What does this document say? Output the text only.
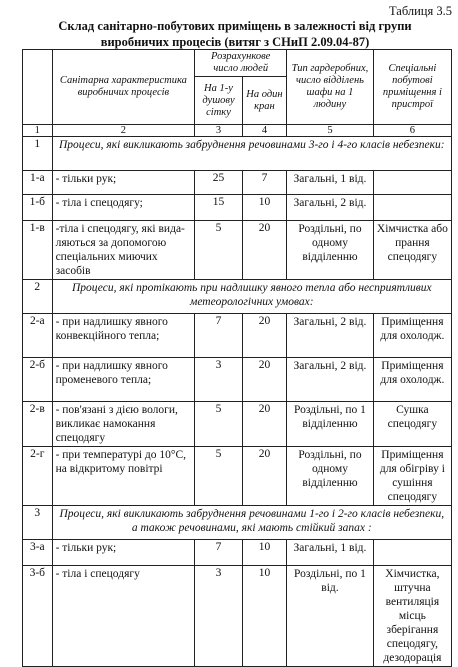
Таблиця 3.5
Склад санітарно-побутових приміщень в залежності від групи
виробничих процесів (витяг з СНиП 2.09.04-87)
	Санітарна характеристика виробничих процесів	Розрахункове число людей		Тип гардеробних, число відділень шафи на 1 людину	Спеціальні побутові приміщення і пристрої
		На 1-у душову сітку	На один кран		
1	2	3	4	5	6
1	Процеси, які викликають забруднення речовинами 3-го і 4-го класів небезпеки:				
1-а	- тільки рук;	25	7	Загальні, 1 від.	
1-б	- тіла і спецодягу;	15	10	Загальні, 2 від.	
1-в	-тіла і спецодягу, які вида-ляються за допомогою спеціальних миючих засобів	5	20	Роздільні, по одному відділенню	Хімчистка або прання спецодягу
2	Процеси, які протікають при надлишку явного тепла або несприятливих метеорологічних умовах:				
2-а	- при надлишку явного конвекційного тепла;	7	20	Загальні, 2 від.	Приміщення для охолодж.
2-б	- при надлишку явного променевого тепла;	3	20	Загальні, 2 від.	Приміщення для охолодж.
2-в	- пов'язані з дією вологи, викликає намокання спецодягу	5	20	Роздільні, по 1 відділенню	Сушка спецодягу
2-г	- при температурі до 10°С, на відкритому повітрі	5	20	Роздільні, по одному відділенню	Приміщення для обігріву і сушіння спецодягу
3	Процеси, які викликають забруднення речовинами 1-го і 2-го класів небезпеки, а також речовинами, які мають стійкий запах :				
3-а	- тільки рук;	7	10	Загальні, 1 від.	
3-б	- тіла і спецодягу	3	10	Роздільні, по 1 від.	Хімчистка, штучна вентиляція місць зберігання спецодягу, дезодорація
